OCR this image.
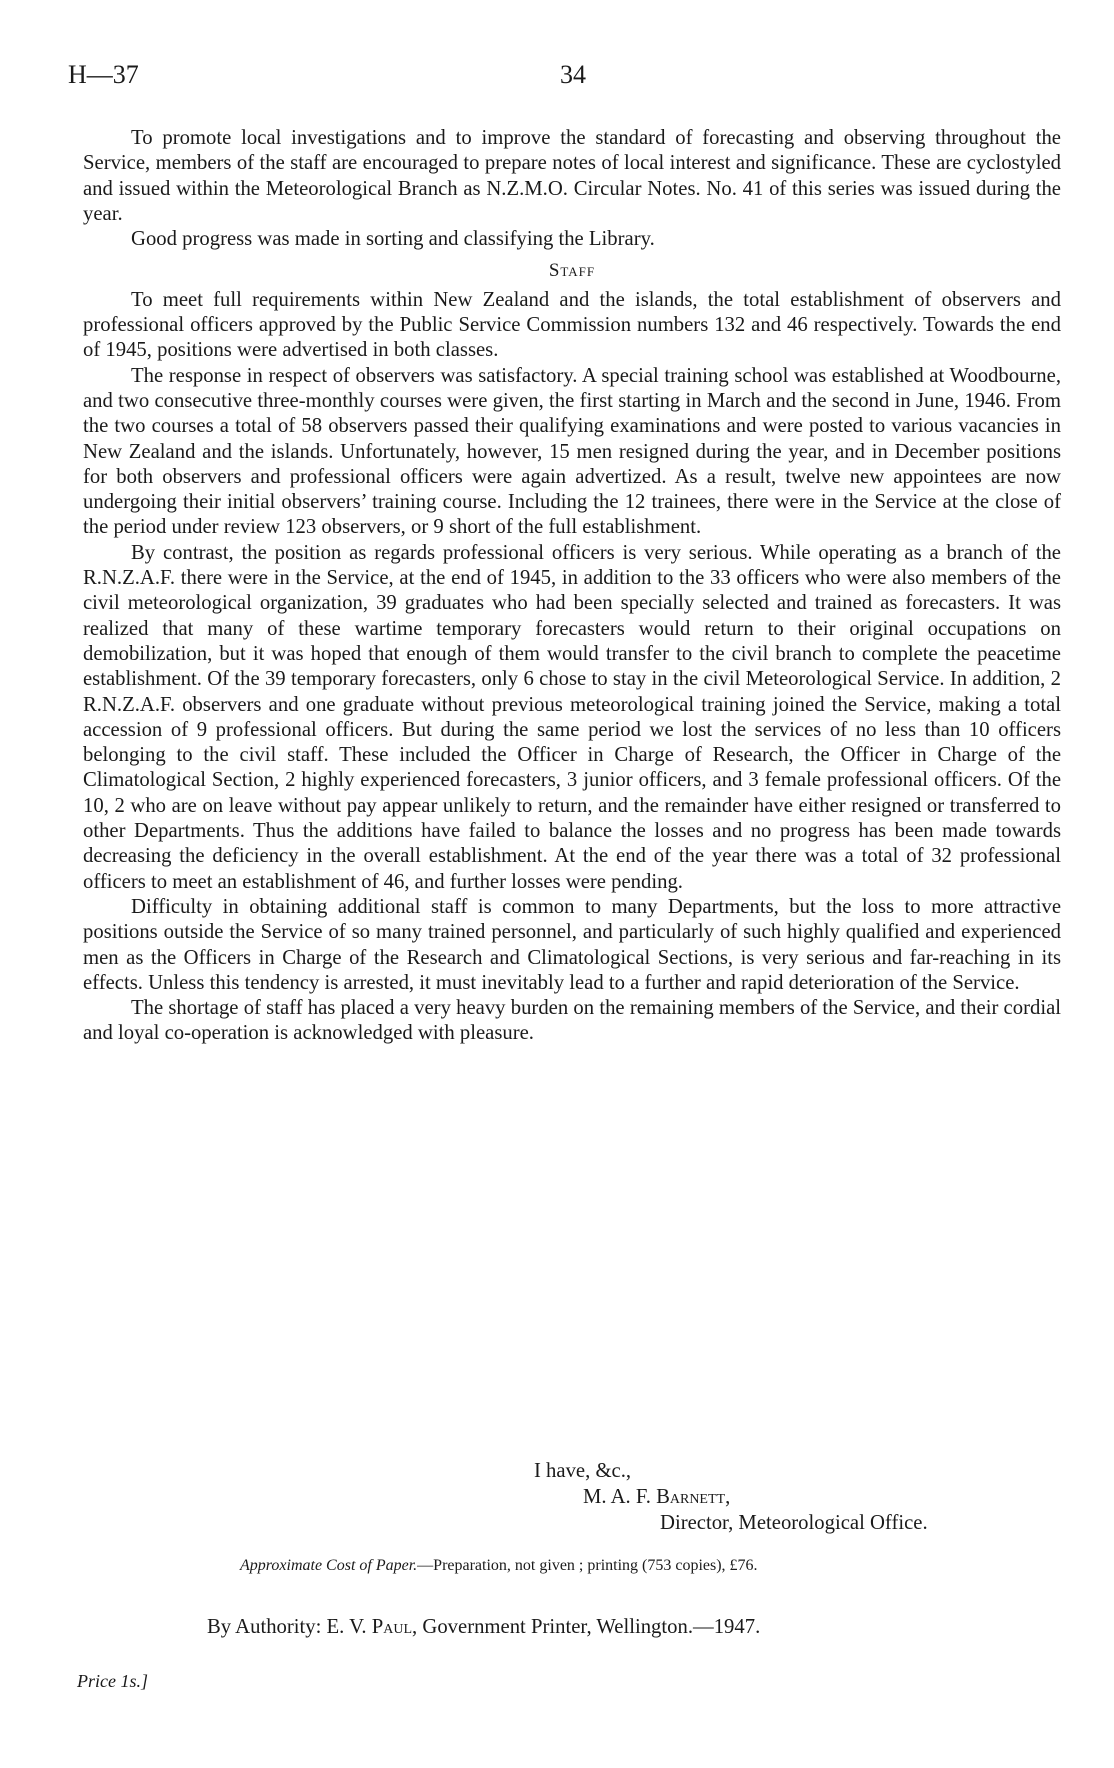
H—37	34

To promote local investigations and to improve the standard of forecasting and observing throughout the Service, members of the staff are encouraged to prepare notes of local interest and significance. These are cyclostyled and issued within the Meteorological Branch as N.Z.M.O. Circular Notes. No. 41 of this series was issued during the year.

Good progress was made in sorting and classifying the Library.

Staff

To meet full requirements within New Zealand and the islands, the total establishment of observers and professional officers approved by the Public Service Commission numbers 132 and 46 respectively. Towards the end of 1945, positions were advertised in both classes.

The response in respect of observers was satisfactory. A special training school was established at Woodbourne, and two consecutive three-monthly courses were given, the first starting in March and the second in June, 1946. From the two courses a total of 58 observers passed their qualifying examinations and were posted to various vacancies in New Zealand and the islands. Unfortunately, however, 15 men resigned during the year, and in December positions for both observers and professional officers were again advertized. As a result, twelve new appointees are now undergoing their initial observers’ training course. Including the 12 trainees, there were in the Service at the close of the period under review 123 observers, or 9 short of the full establishment.

By contrast, the position as regards professional officers is very serious. While operating as a branch of the R.N.Z.A.F. there were in the Service, at the end of 1945, in addition to the 33 officers who were also members of the civil meteorological organization, 39 graduates who had been specially selected and trained as forecasters. It was realized that many of these wartime temporary forecasters would return to their original occupations on demobilization, but it was hoped that enough of them would transfer to the civil branch to complete the peacetime establishment. Of the 39 temporary forecasters, only 6 chose to stay in the civil Meteorological Service. In addition, 2 R.N.Z.A.F. observers and one graduate without previous meteorological training joined the Service, making a total accession of 9 professional officers. But during the same period we lost the services of no less than 10 officers belonging to the civil staff. These included the Officer in Charge of Research, the Officer in Charge of the Climatological Section, 2 highly experienced forecasters, 3 junior officers, and 3 female professional officers. Of the 10, 2 who are on leave without pay appear unlikely to return, and the remainder have either resigned or transferred to other Departments. Thus the additions have failed to balance the losses and no progress has been made towards decreasing the deficiency in the overall establishment. At the end of the year there was a total of 32 professional officers to meet an establishment of 46, and further losses were pending.

Difficulty in obtaining additional staff is common to many Departments, but the loss to more attractive positions outside the Service of so many trained personnel, and particularly of such highly qualified and experienced men as the Officers in Charge of the Research and Climatological Sections, is very serious and far-reaching in its effects. Unless this tendency is arrested, it must inevitably lead to a further and rapid deterioration of the Service.

The shortage of staff has placed a very heavy burden on the remaining members of the Service, and their cordial and loyal co-operation is acknowledged with pleasure.

I have, &c.,
M. A. F. Barnett,
Director, Meteorological Office.
Approximate Cost of Paper.—Preparation, not given ; printing (753 copies), £76.
By Authority: E. V. Paul, Government Printer, Wellington.—1947.
Price 1s.]
